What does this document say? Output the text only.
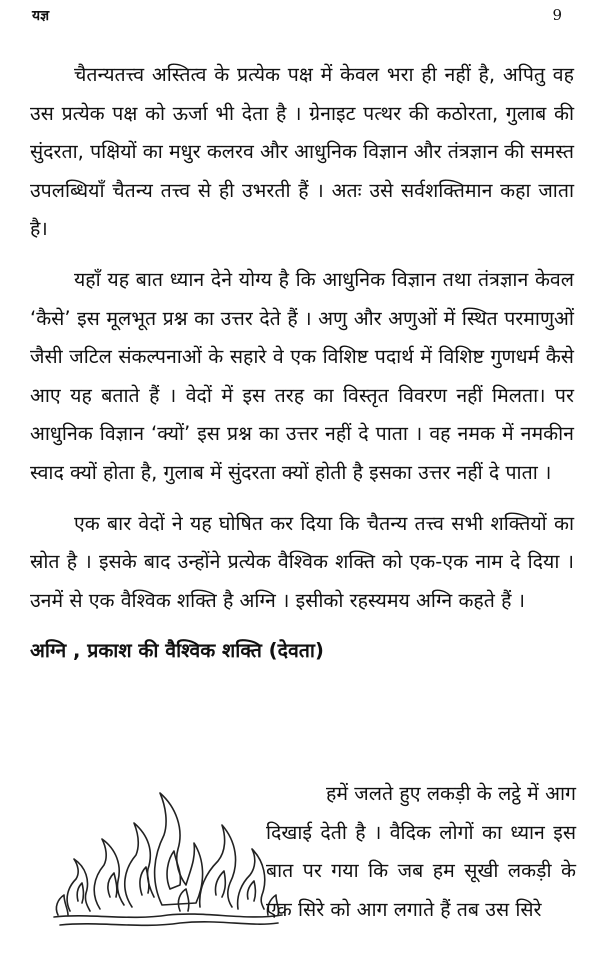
यज्ञ	9

चैतन्यतत्त्व अस्तित्व के प्रत्येक पक्ष में केवल भरा ही नहीं है, अपितु वह उस प्रत्येक पक्ष को ऊर्जा भी देता है । ग्रेनाइट पत्थर की कठोरता, गुलाब की सुंदरता, पक्षियों का मधुर कलरव और आधुनिक विज्ञान और तंत्रज्ञान की समस्त उपलब्धियाँ चैतन्य तत्त्व से ही उभरती हैं । अतः उसे सर्वशक्तिमान कहा जाता है।

यहाँ यह बात ध्यान देने योग्य है कि आधुनिक विज्ञान तथा तंत्रज्ञान केवल ‘कैसे’ इस मूलभूत प्रश्न का उत्तर देते हैं । अणु और अणुओं में स्थित परमाणुओं जैसी जटिल संकल्पनाओं के सहारे वे एक विशिष्ट पदार्थ में विशिष्ट गुणधर्म कैसे आए यह बताते हैं । वेदों में इस तरह का विस्तृत विवरण नहीं मिलता। पर आधुनिक विज्ञान ‘क्यों’ इस प्रश्न का उत्तर नहीं दे पाता । वह नमक में नमकीन स्वाद क्यों होता है, गुलाब में सुंदरता क्यों होती है इसका उत्तर नहीं दे पाता ।

एक बार वेदों ने यह घोषित कर दिया कि चैतन्य तत्त्व सभी शक्तियों का स्रोत है । इसके बाद उन्होंने प्रत्येक वैश्विक शक्ति को एक-एक नाम दे दिया । उनमें से एक वैश्विक शक्ति है अग्नि । इसीको रहस्यमय अग्नि कहते हैं ।

अग्नि , प्रकाश की वैश्विक शक्ति (देवता)

हमें जलते हुए लकड़ी के लट्ठे में आग दिखाई देती है । वैदिक लोगों का ध्यान इस बात पर गया कि जब हम सूखी लकड़ी के एक सिरे को आग लगाते हैं तब उस सिरे
